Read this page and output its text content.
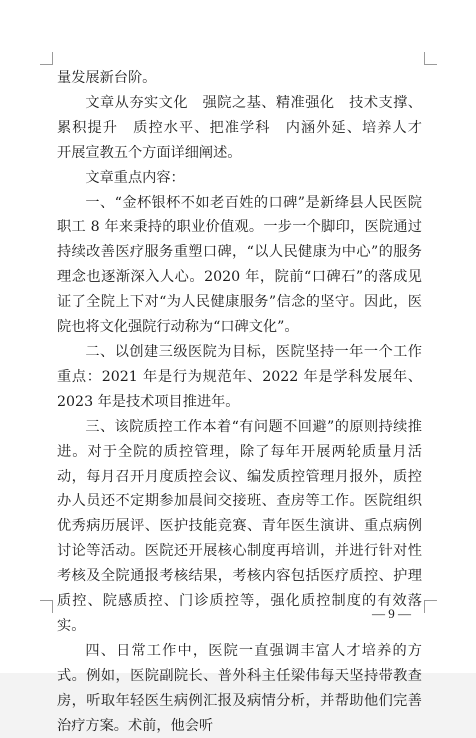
量发展新台阶。

文章从夯实文化　强院之基、精准强化　技术支撑、累积提升　质控水平、把准学科　内涵外延、培养人才　开展宣教五个方面详细阐述。

文章重点内容：

一、“金杯银杯不如老百姓的口碑”是新绛县人民医院职工 8 年来秉持的职业价值观。一步一个脚印，医院通过持续改善医疗服务重塑口碑，“以人民健康为中心”的服务理念也逐渐深入人心。2020 年，院前“口碑石”的落成见证了全院上下对“为人民健康服务”信念的坚守。因此，医院也将文化强院行动称为“口碑文化”。

二、以创建三级医院为目标，医院坚持一年一个工作重点：2021 年是行为规范年、2022 年是学科发展年、2023 年是技术项目推进年。

三、该院质控工作本着“有问题不回避”的原则持续推进。对于全院的质控管理，除了每年开展两轮质量月活动，每月召开月度质控会议、编发质控管理月报外，质控办人员还不定期参加晨间交接班、查房等工作。医院组织优秀病历展评、医护技能竞赛、青年医生演讲、重点病例讨论等活动。医院还开展核心制度再培训，并进行针对性考核及全院通报考核结果，考核内容包括医疗质控、护理质控、院感质控、门诊质控等，强化质控制度的有效落实。

四、日常工作中，医院一直强调丰富人才培养的方式。例如，医院副院长、普外科主任梁伟每天坚持带教查房，听取年轻医生病例汇报及病情分析，并帮助他们完善治疗方案。术前，他会听

— 9 —
